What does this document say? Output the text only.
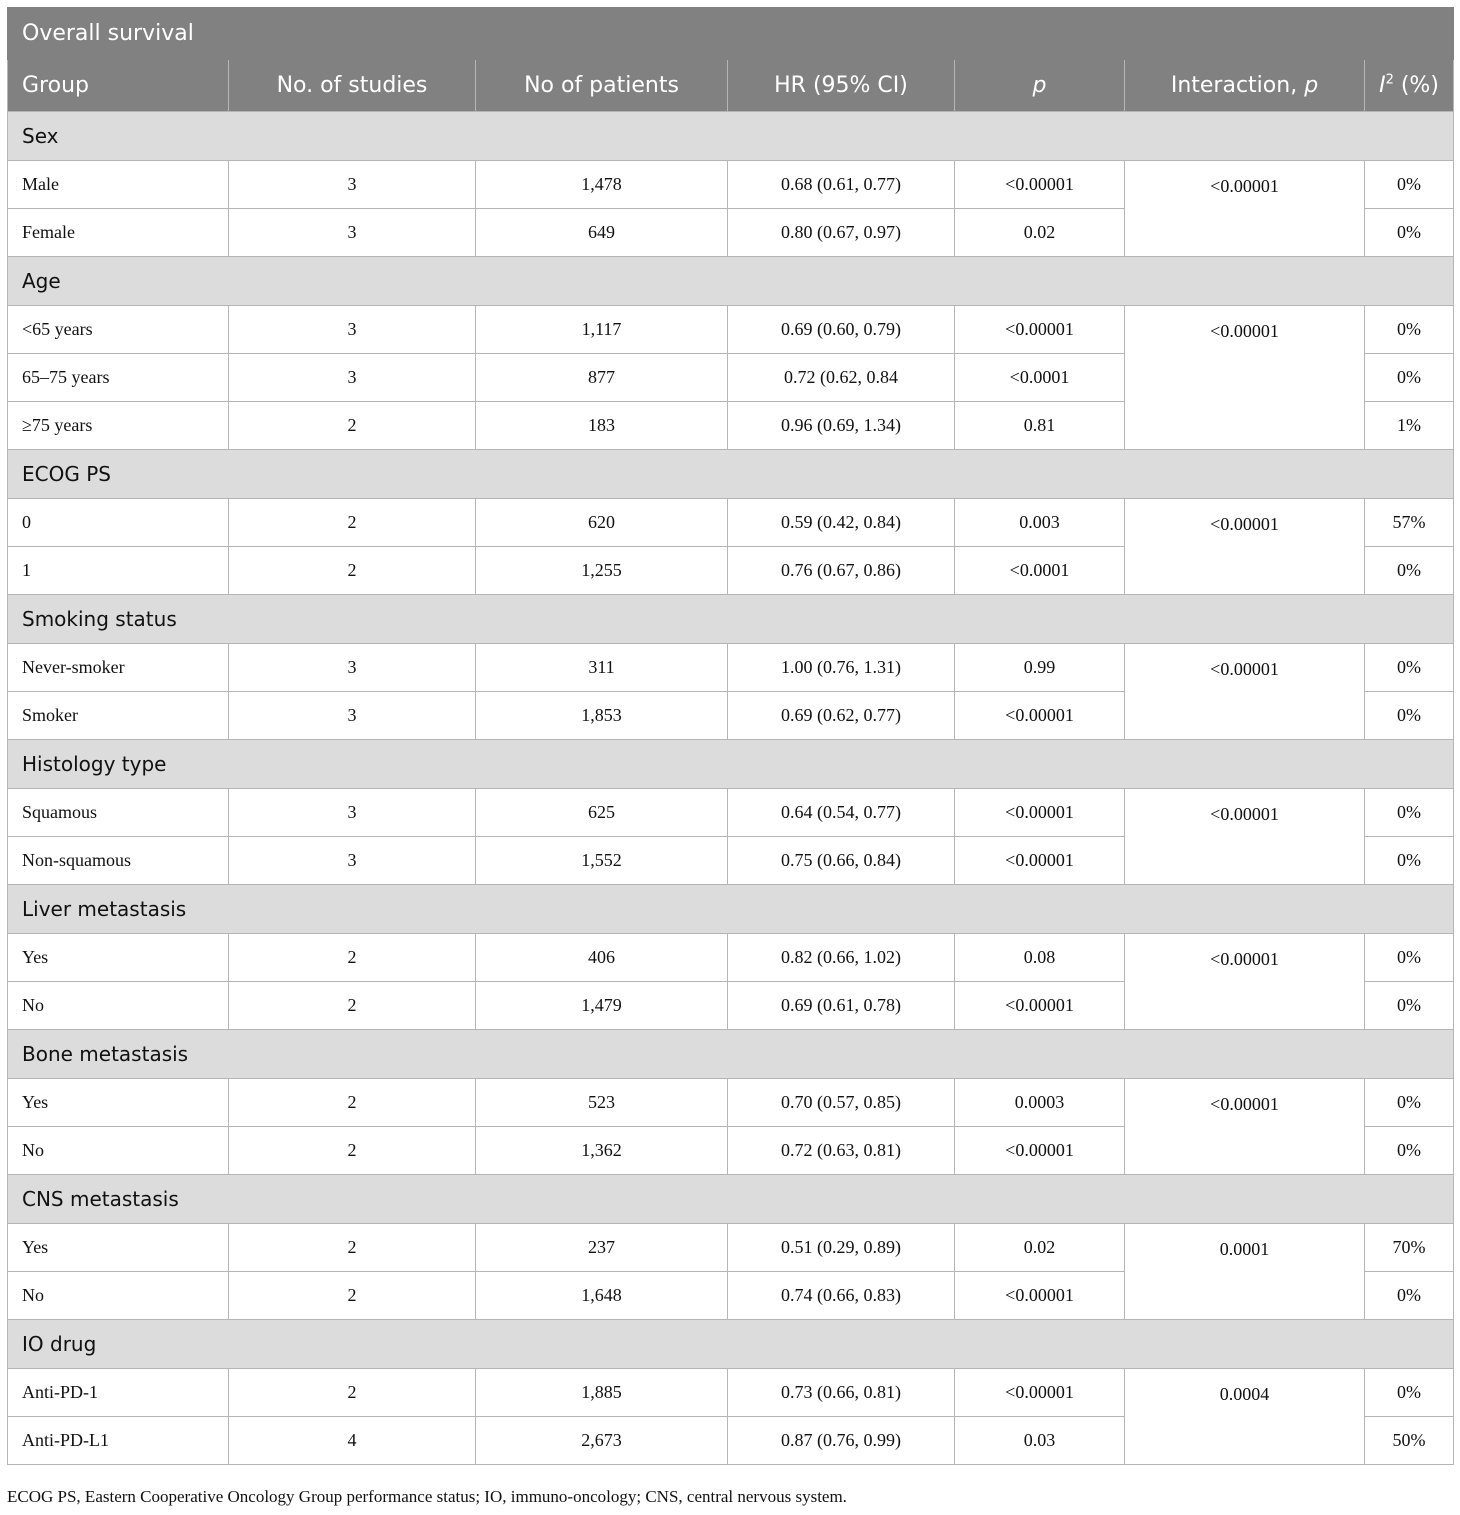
Overall survival						
Group	No. of studies	No of patients	HR (95% CI)	p	Interaction, p	$I^2$ (%)
Sex						
Male	3	1,478	0.68 (0.61, 0.77)	<0.00001	<0.00001	0%
Female	3	649	0.80 (0.67, 0.97)	0.02		0%
Age						
<65 years	3	1,117	0.69 (0.60, 0.79)	<0.00001	<0.00001	0%
65–75 years	3	877	0.72 (0.62, 0.84	<0.0001		0%
≥75 years	2	183	0.96 (0.69, 1.34)	0.81		1%
ECOG PS						
0	2	620	0.59 (0.42, 0.84)	0.003	<0.00001	57%
1	2	1,255	0.76 (0.67, 0.86)	<0.0001		0%
Smoking status						
Never-smoker	3	311	1.00 (0.76, 1.31)	0.99	<0.00001	0%
Smoker	3	1,853	0.69 (0.62, 0.77)	<0.00001		0%
Histology type						
Squamous	3	625	0.64 (0.54, 0.77)	<0.00001	<0.00001	0%
Non-squamous	3	1,552	0.75 (0.66, 0.84)	<0.00001		0%
Liver metastasis						
Yes	2	406	0.82 (0.66, 1.02)	0.08	<0.00001	0%
No	2	1,479	0.69 (0.61, 0.78)	<0.00001		0%
Bone metastasis						
Yes	2	523	0.70 (0.57, 0.85)	0.0003	<0.00001	0%
No	2	1,362	0.72 (0.63, 0.81)	<0.00001		0%
CNS metastasis						
Yes	2	237	0.51 (0.29, 0.89)	0.02	0.0001	70%
No	2	1,648	0.74 (0.66, 0.83)	<0.00001		0%
IO drug						
Anti-PD-1	2	1,885	0.73 (0.66, 0.81)	<0.00001	0.0004	0%
Anti-PD-L1	4	2,673	0.87 (0.76, 0.99)	0.03		50%
ECOG PS, Eastern Cooperative Oncology Group performance status; IO, immuno-oncology; CNS, central nervous system.
